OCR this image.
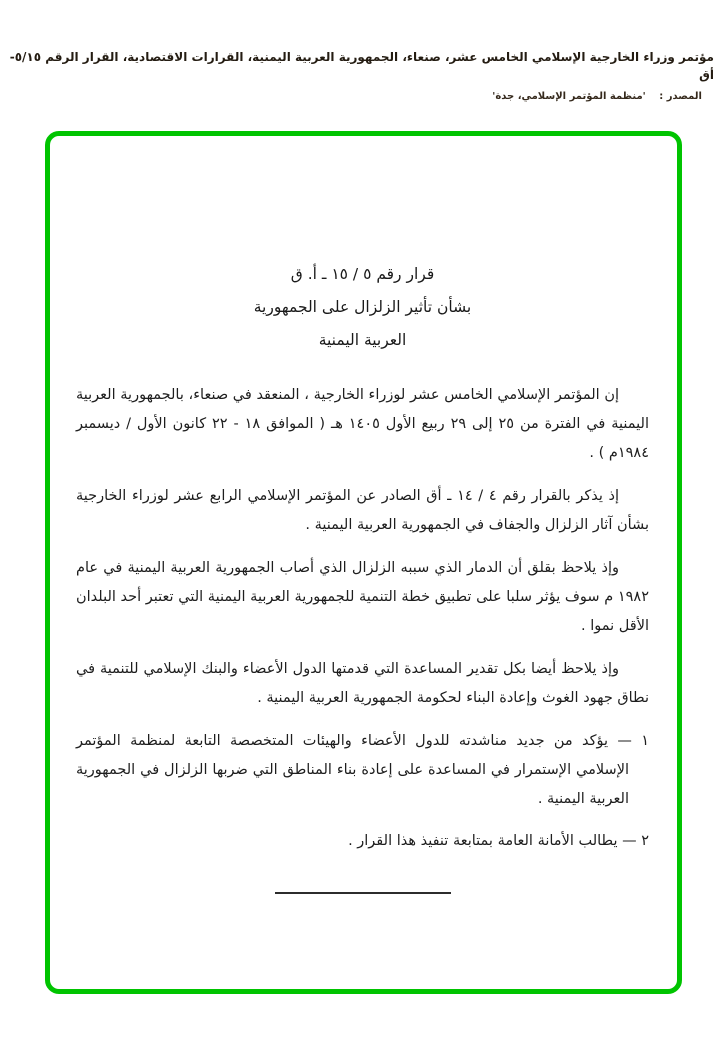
مؤتمر وزراء الخارجية الإسلامي الخامس عشر، صنعاء، الجمهورية العربية اليمنية، القرارات الاقتصادية، القرار الرقم ٥/١٥-أق
المصدر : 'منظمة المؤتمر الإسلامي، جدة'
قرار رقم ٥ / ١٥ ـ أ. ق
بشأن تأثير الزلزال على الجمهورية
العربية اليمنية

إن المؤتمر الإسلامي الخامس عشر لوزراء الخارجية ، المنعقد في صنعاء، بالجمهورية العربية اليمنية في الفترة من ٢٥ إلى ٢٩ ربيع الأول ١٤٠٥ هـ ( الموافق ١٨ - ٢٢ كانون الأول / ديسمبر ١٩٨٤م ) .

إذ يذكر بالقرار رقم ٤ / ١٤ ـ أق الصادر عن المؤتمر الإسلامي الرابع عشر لوزراء الخارجية بشأن آثار الزلزال والجفاف في الجمهورية العربية اليمنية .

وإذ يلاحظ بقلق أن الدمار الذي سببه الزلزال الذي أصاب الجمهورية العربية اليمنية في عام ١٩٨٢ م سوف يؤثر سلبا على تطبيق خطة التنمية للجمهورية العربية اليمنية التي تعتبر أحد البلدان الأقل نموا .

وإذ يلاحظ أيضا بكل تقدير المساعدة التي قدمتها الدول الأعضاء والبنك الإسلامي للتنمية في نطاق جهود الغوث وإعادة البناء لحكومة الجمهورية العربية اليمنية .

١ — يؤكد من جديد مناشدته للدول الأعضاء والهيئات المتخصصة التابعة لمنظمة المؤتمر الإسلامي الإستمرار في المساعدة على إعادة بناء المناطق التي ضربها الزلزال في الجمهورية العربية اليمنية .

٢ — يطالب الأمانة العامة بمتابعة تنفيذ هذا القرار .
